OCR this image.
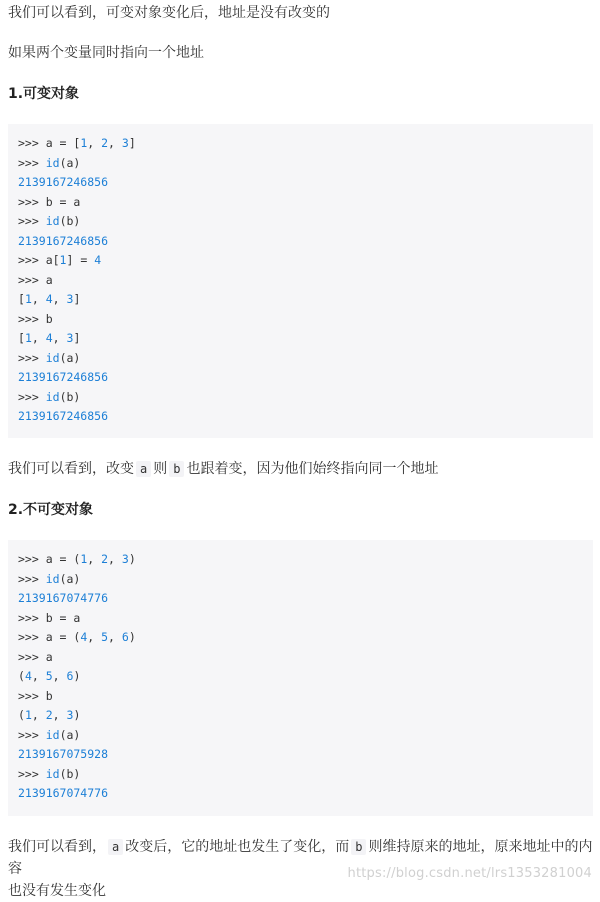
我们可以看到，可变对象变化后，地址是没有改变的
如果两个变量同时指向一个地址
1.可变对象
>>> a = [1, 2, 3]
>>> id(a)
2139167246856
>>> b = a
>>> id(b)
2139167246856
>>> a[1] = 4
>>> a
[1, 4, 3]
>>> b
[1, 4, 3]
>>> id(a)
2139167246856
>>> id(b)
2139167246856
我们可以看到，改变 a 则 b 也跟着变，因为他们始终指向同一个地址
2.不可变对象
>>> a = (1, 2, 3)
>>> id(a)
2139167074776
>>> b = a
>>> a = (4, 5, 6)
>>> a
(4, 5, 6)
>>> b
(1, 2, 3)
>>> id(a)
2139167075928
>>> id(b)
2139167074776
我们可以看到， a 改变后，它的地址也发生了变化，而 b 则维持原来的地址，原来地址中的内容
也没有发生变化
https://blog.csdn.net/lrs1353281004
